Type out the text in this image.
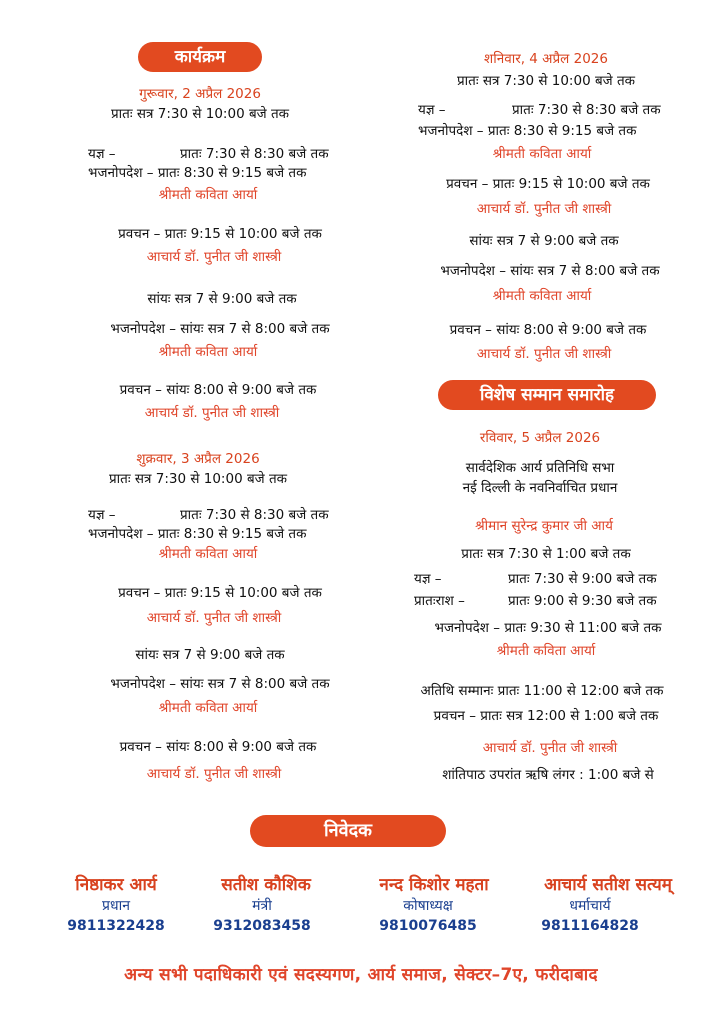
कार्यक्रम
गुरूवार, 2 अप्रैल 2026
प्रातः सत्र 7:30 से 10:00 बजे तक
यज्ञ –	प्रातः 7:30 से 8:30 बजे तक
भजनोपदेश – प्रातः 8:30 से 9:15 बजे तक
श्रीमती कविता आर्या
प्रवचन – प्रातः 9:15 से 10:00 बजे तक
आचार्य डॉ. पुनीत जी शास्त्री
सांयः सत्र 7 से 9:00 बजे तक
भजनोपदेश – सांयः सत्र 7 से 8:00 बजे तक
श्रीमती कविता आर्या
प्रवचन – सांयः 8:00 से 9:00 बजे तक
आचार्य डॉ. पुनीत जी शास्त्री
शुक्रवार, 3 अप्रैल 2026
प्रातः सत्र 7:30 से 10:00 बजे तक
यज्ञ –	प्रातः 7:30 से 8:30 बजे तक
भजनोपदेश – प्रातः 8:30 से 9:15 बजे तक
श्रीमती कविता आर्या
प्रवचन – प्रातः 9:15 से 10:00 बजे तक
आचार्य डॉ. पुनीत जी शास्त्री
सांयः सत्र 7 से 9:00 बजे तक
भजनोपदेश – सांयः सत्र 7 से 8:00 बजे तक
श्रीमती कविता आर्या
प्रवचन – सांयः 8:00 से 9:00 बजे तक
आचार्य डॉ. पुनीत जी शास्त्री
शनिवार, 4 अप्रैल 2026
प्रातः सत्र 7:30 से 10:00 बजे तक
यज्ञ –	प्रातः 7:30 से 8:30 बजे तक
भजनोपदेश – प्रातः 8:30 से 9:15 बजे तक
श्रीमती कविता आर्या
प्रवचन – प्रातः 9:15 से 10:00 बजे तक
आचार्य डॉ. पुनीत जी शास्त्री
सांयः सत्र 7 से 9:00 बजे तक
भजनोपदेश – सांयः सत्र 7 से 8:00 बजे तक
श्रीमती कविता आर्या
प्रवचन – सांयः 8:00 से 9:00 बजे तक
आचार्य डॉ. पुनीत जी शास्त्री
विशेष सम्मान समारोह
रविवार, 5 अप्रैल 2026
सार्वदेशिक आर्य प्रतिनिधि सभा
नई दिल्ली के नवनिर्वाचित प्रधान
श्रीमान सुरेन्द्र कुमार जी आर्य
प्रातः सत्र 7:30 से 1:00 बजे तक
यज्ञ –	प्रातः 7:30 से 9:00 बजे तक
प्रातःराश –	प्रातः 9:00 से 9:30 बजे तक
भजनोपदेश – प्रातः 9:30 से 11:00 बजे तक
श्रीमती कविता आर्या
अतिथि सम्मानः प्रातः 11:00 से 12:00 बजे तक
प्रवचन – प्रातः सत्र 12:00 से 1:00 बजे तक
आचार्य डॉ. पुनीत जी शास्त्री
शांतिपाठ उपरांत ऋषि लंगर : 1:00 बजे से
निवेदक
निष्ठाकर आर्य
प्रधान
9811322428
सतीश कौशिक
मंत्री
9312083458
नन्द किशोर महता
कोषाध्यक्ष
9810076485
आचार्य सतीश सत्यम्
धर्माचार्य
9811164828
अन्य सभी पदाधिकारी एवं सदस्यगण, आर्य समाज, सेक्टर–7ए, फरीदाबाद
